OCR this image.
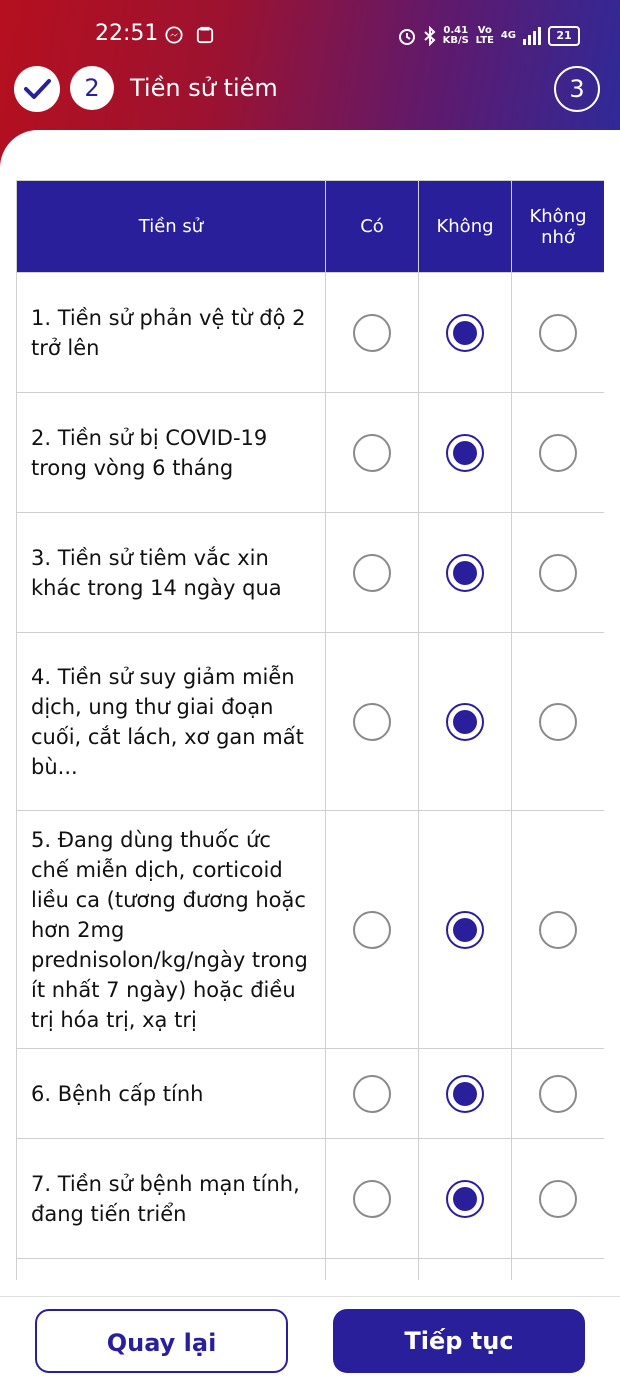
22:51	0.41
KB/S
Vo LTE 4G	21
2	Tiền sử tiêm	3
Tiền sử	Có	Không	Không nhớ
1. Tiền sử phản vệ từ độ 2 trở lên			
2. Tiền sử bị COVID-19 trong vòng 6 tháng			
3. Tiền sử tiêm vắc xin khác trong 14 ngày qua			
4. Tiền sử suy giảm miễn dịch, ung thư giai đoạn cuối, cắt lách, xơ gan mất bù...			
5. Đang dùng thuốc ức chế miễn dịch, corticoid liều ca (tương đương hoặc hơn 2mg prednisolon/kg/ngày trong ít nhất 7 ngày) hoặc điều trị hóa trị, xạ trị			
6. Bệnh cấp tính			
7. Tiền sử bệnh mạn tính, đang tiến triển			

Quay lại	Tiếp tục
